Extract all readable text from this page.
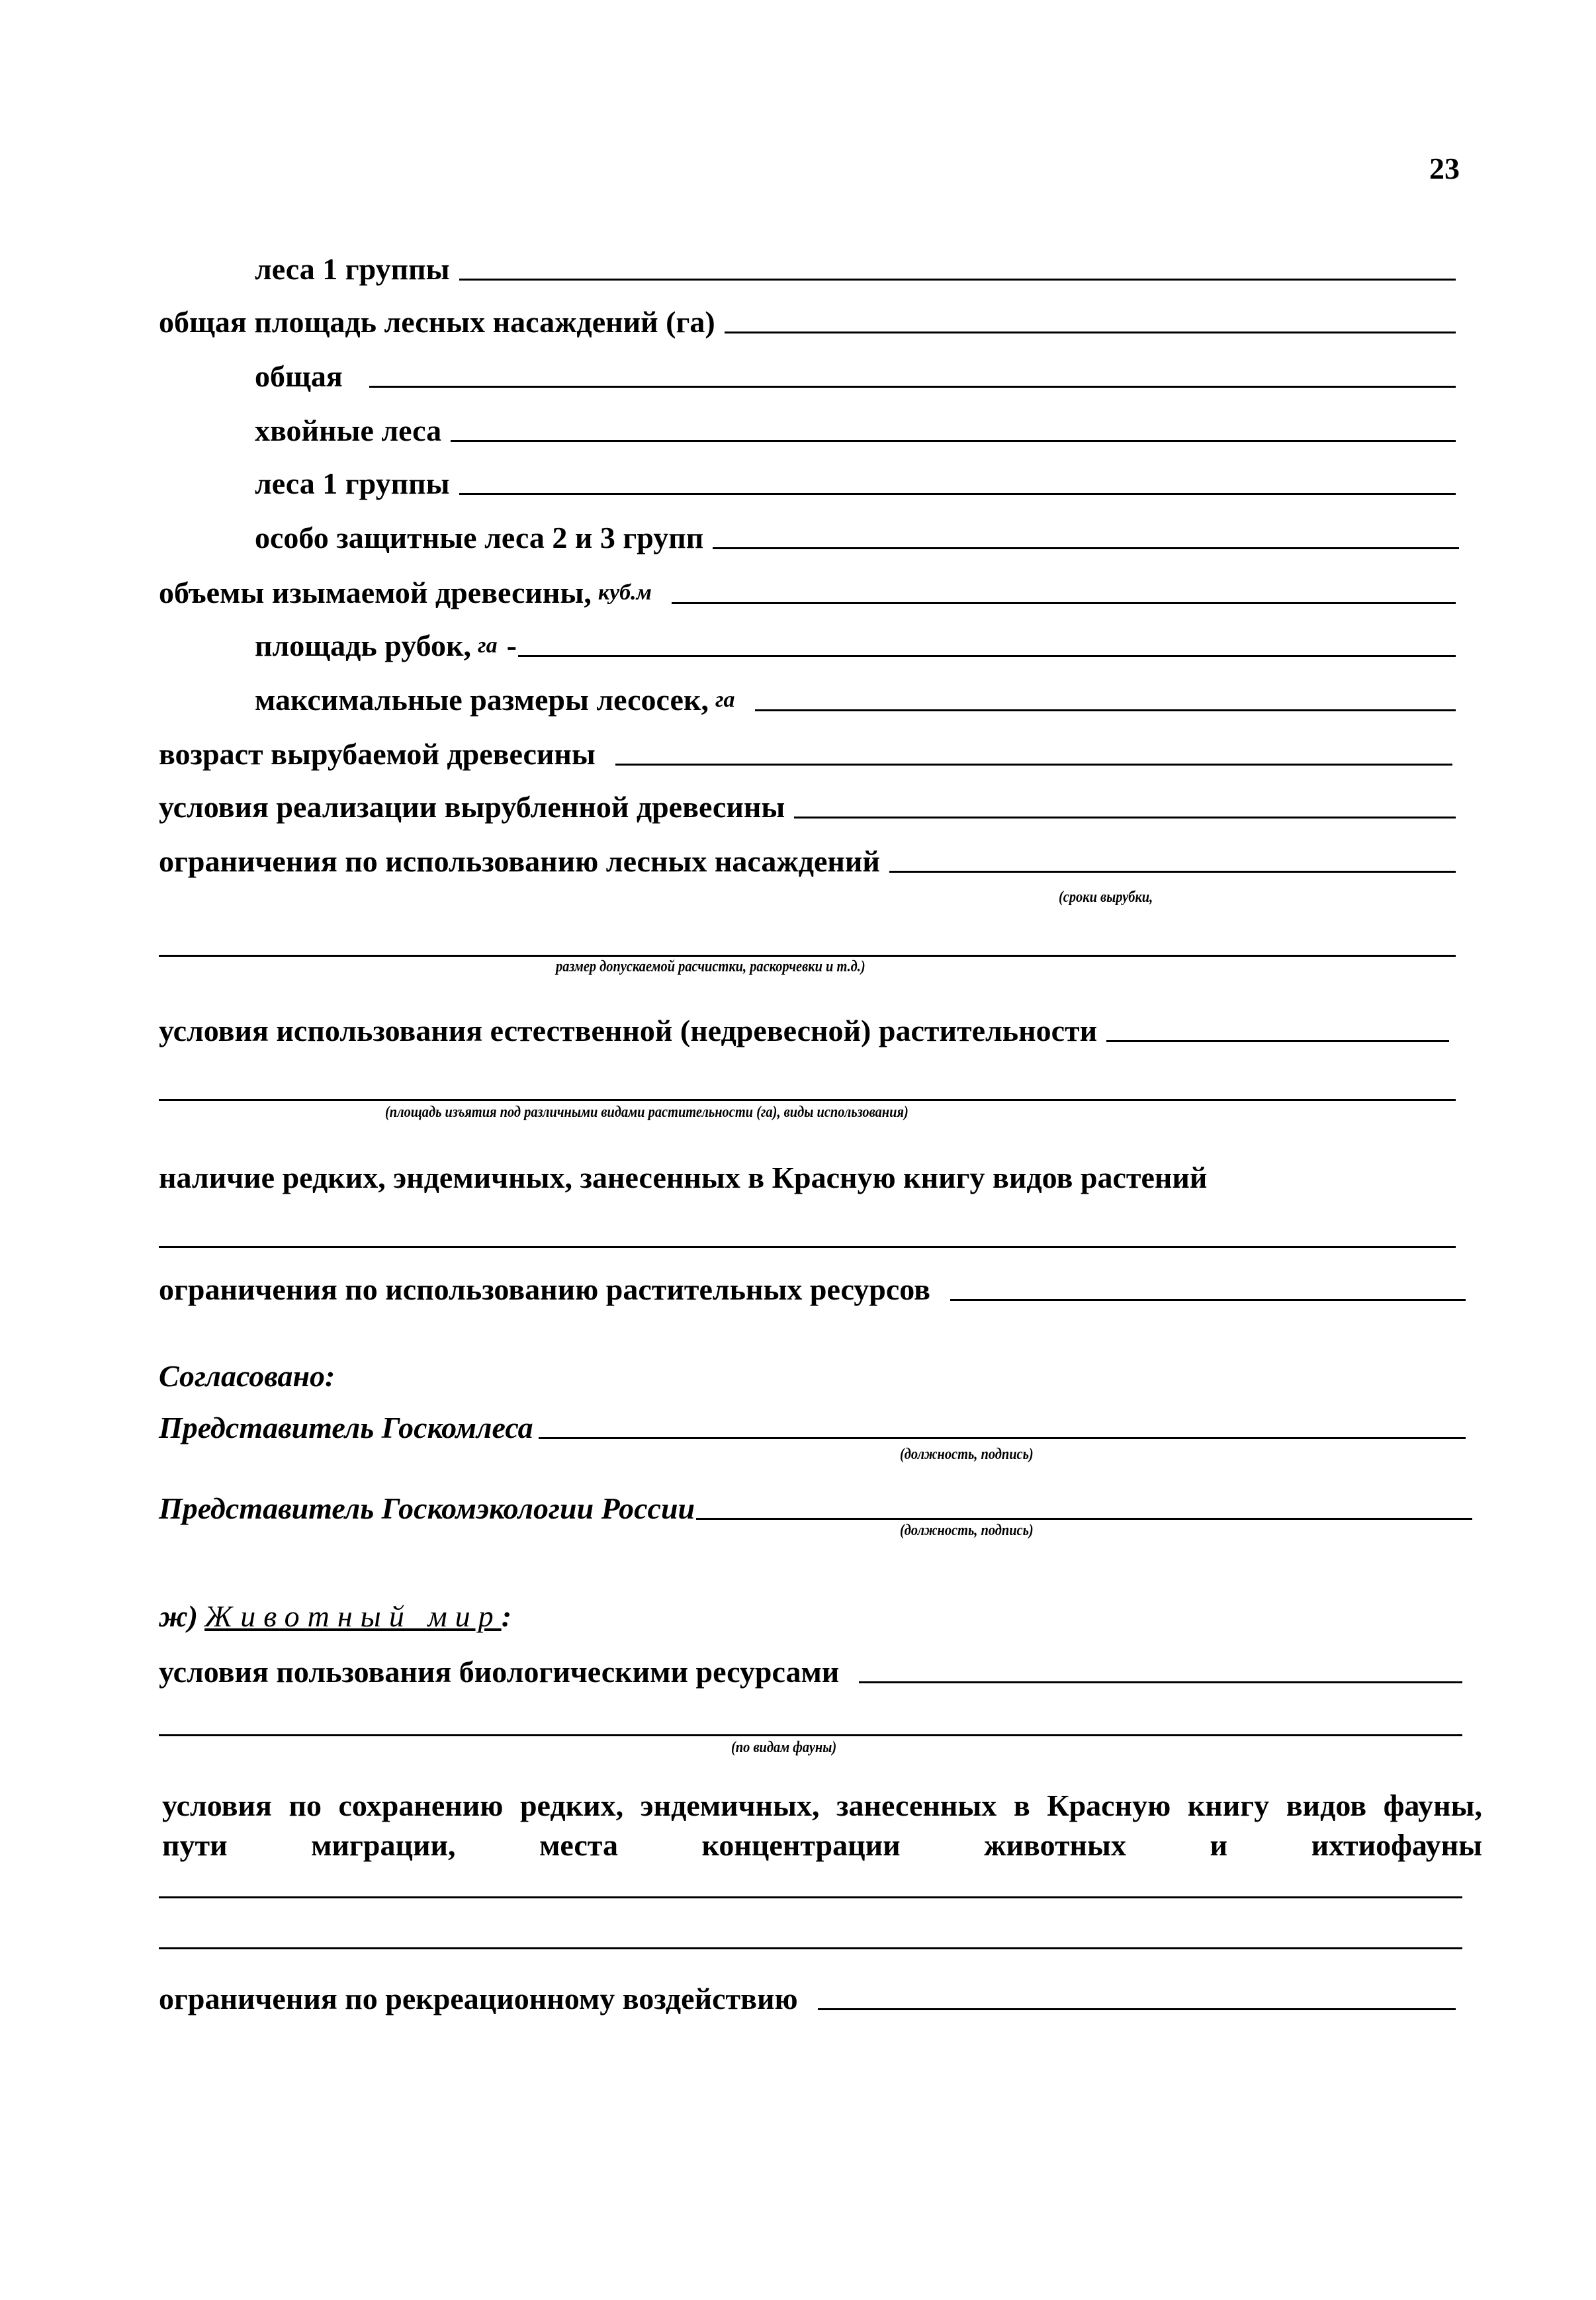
23
леса 1 группы
общая площадь лесных насаждений (га)
общая
хвойные леса
леса 1 группы
особо защитные леса 2 и 3 групп
объемы изымаемой древесины, куб.м
площадь рубок, га -
максимальные размеры лесосек, га
возраст вырубаемой древесины
условия реализации вырубленной древесины
ограничения по использованию лесных насаждений
(сроки вырубки,
размер допускаемой расчистки, раскорчевки и т.д.)
условия использования естественной (недревесной) растительности
(площадь изъятия под различными видами растительности (га), виды использования)
наличие редких, эндемичных, занесенных в Красную книгу видов растений
ограничения по использованию растительных ресурсов
Согласовано:
Представитель Госкомлеса
(должность, подпись)
Представитель Госкомэкологии России
(должность, подпись)
ж) Животный мир :
условия пользования биологическими ресурсами
(по видам фауны)
условия по сохранению редких, эндемичных, занесенных в Красную книгу видов фауны,
пути миграции, места концентрации животных и ихтиофауны
ограничения по рекреационному воздействию
